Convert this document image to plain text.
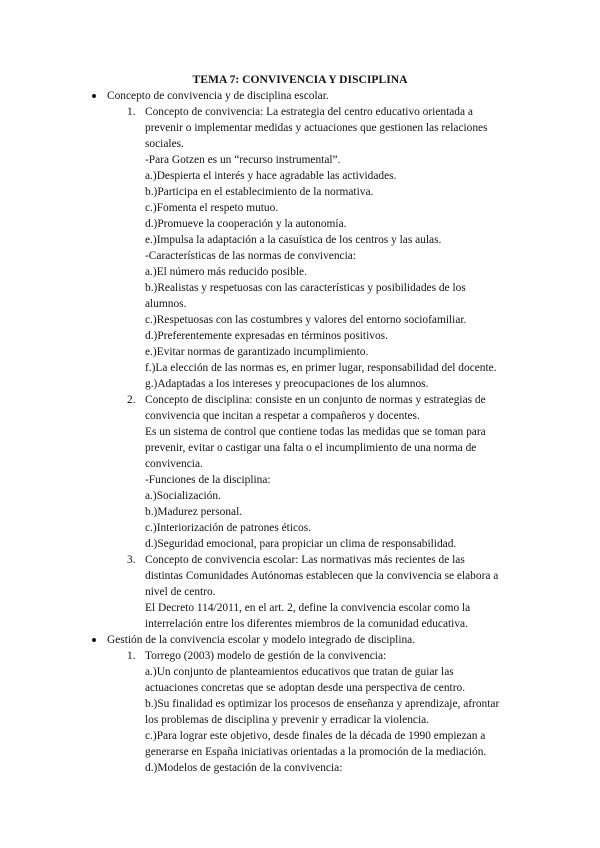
TEMA 7: CONVIVENCIA Y DISCIPLINA
Concepto de convivencia y de disciplina escolar.
1. Concepto de convivencia: La estrategia del centro educativo orientada a
prevenir o implementar medidas y actuaciones que gestionen las relaciones
sociales.
-Para Gotzen es un “recurso instrumental”.
a.)Despierta el interés y hace agradable las actividades.
b.)Participa en el establecimiento de la normativa.
c.)Fomenta el respeto mutuo.
d.)Promueve la cooperación y la autonomía.
e.)Impulsa la adaptación a la casuística de los centros y las aulas.
-Características de las normas de convivencia:
a.)El número más reducido posible.
b.)Realistas y respetuosas con las características y posibilidades de los
alumnos.
c.)Respetuosas con las costumbres y valores del entorno sociofamiliar.
d.)Preferentemente expresadas en términos positivos.
e.)Evitar normas de garantizado incumplimiento.
f.)La elección de las normas es, en primer lugar, responsabilidad del docente.
g.)Adaptadas a los intereses y preocupaciones de los alumnos.
2. Concepto de disciplina: consiste en un conjunto de normas y estrategias de
convivencia que incitan a respetar a compañeros y docentes.
Es un sistema de control que contiene todas las medidas que se toman para
prevenir, evitar o castigar una falta o el incumplimiento de una norma de
convivencia.
-Funciones de la disciplina:
a.)Socialización.
b.)Madurez personal.
c.)Interiorización de patrones éticos.
d.)Seguridad emocional, para propiciar un clima de responsabilidad.
3. Concepto de convivencia escolar: Las normativas más recientes de las
distintas Comunidades Autónomas establecen que la convivencia se elabora a
nivel de centro.
El Decreto 114/2011, en el art. 2, define la convivencia escolar como la
interrelación entre los diferentes miembros de la comunidad educativa.
Gestión de la convivencia escolar y modelo integrado de disciplina.
1. Torrego (2003) modelo de gestión de la convivencia:
a.)Un conjunto de planteamientos educativos que tratan de guiar las
actuaciones concretas que se adoptan desde una perspectiva de centro.
b.)Su finalidad es optimizar los procesos de enseñanza y aprendizaje, afrontar
los problemas de disciplina y prevenir y erradicar la violencia.
c.)Para lograr este objetivo, desde finales de la década de 1990 empiezan a
generarse en España iniciativas orientadas a la promoción de la mediación.
d.)Modelos de gestación de la convivencia:
